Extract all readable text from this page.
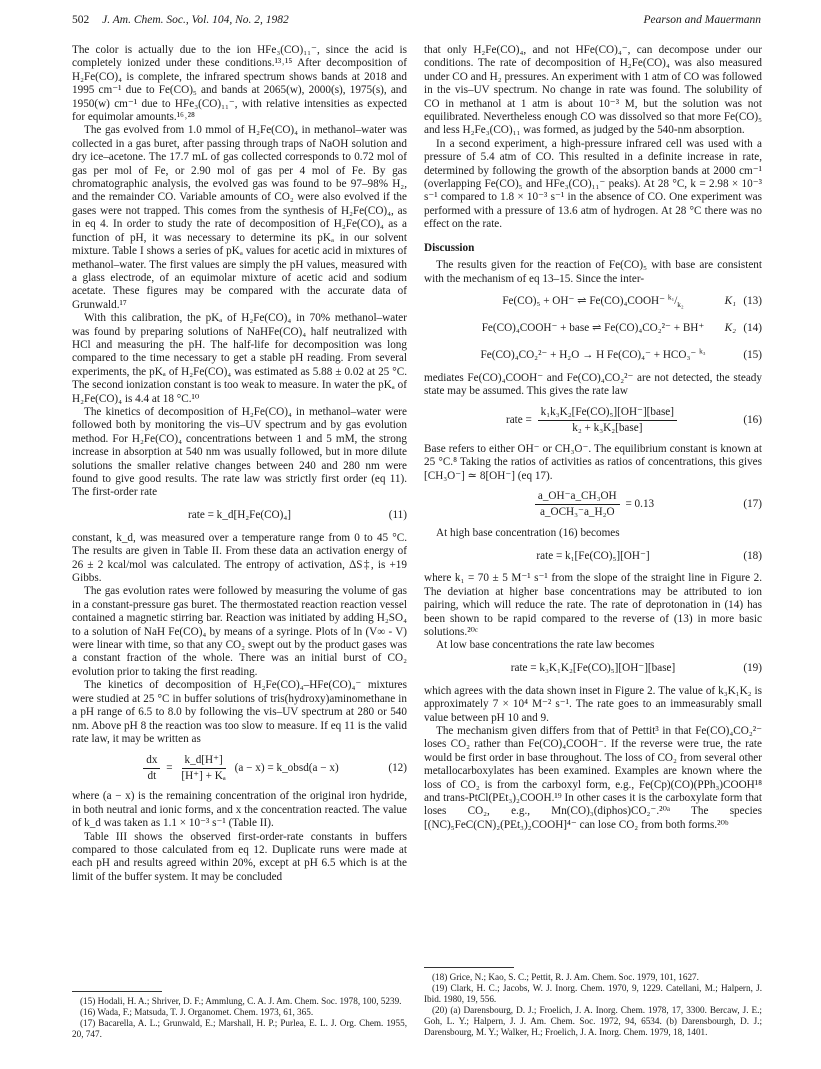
502 J. Am. Chem. Soc., Vol. 104, No. 2, 1982	Pearson and Mauermann

The color is actually due to the ion HFe₃(CO)₁₁⁻, since the acid is completely ionized under these conditions.¹³˒¹⁵ After decomposition of H₂Fe(CO)₄ is complete, the infrared spectrum shows bands at 2018 and 1995 cm⁻¹ due to Fe(CO)₅ and bands at 2065(w), 2000(s), 1975(s), and 1950(w) cm⁻¹ due to HFe₃(CO)₁₁⁻, with relative intensities as expected for equimolar amounts.¹⁶˒²⁸

The gas evolved from 1.0 mmol of H₂Fe(CO)₄ in methanol–water was collected in a gas buret, after passing through traps of NaOH solution and dry ice–acetone. The 17.7 mL of gas collected corresponds to 0.72 mol of gas per mol of Fe, or 2.90 mol of gas per 4 mol of Fe. By gas chromatographic analysis, the evolved gas was found to be 97–98% H₂, and the remainder CO. Variable amounts of CO₂ were also evolved if the gases were not trapped. This comes from the synthesis of H₂Fe(CO)₄, as in eq 4. In order to study the rate of decomposition of H₂Fe(CO)₄ as a function of pH, it was necessary to determine its pKₐ in our solvent mixture. Table I shows a series of pKₐ values for acetic acid in mixtures of methanol–water. The first values are simply the pH values, measured with a glass electrode, of an equimolar mixture of acetic acid and sodium acetate. These figures may be compared with the accurate data of Grunwald.¹⁷

With this calibration, the pKₐ of H₂Fe(CO)₄ in 70% methanol–water was found by preparing solutions of NaHFe(CO)₄ half neutralized with HCl and measuring the pH. The half-life for decomposition was long compared to the time necessary to get a stable pH reading. From several experiments, the pKₐ of H₂Fe(CO)₄ was estimated as 5.88 ± 0.02 at 25 °C. The second ionization constant is too weak to measure. In water the pKₐ of H₂Fe(CO)₄ is 4.4 at 18 °C.¹⁰

The kinetics of decomposition of H₂Fe(CO)₄ in methanol–water were followed both by monitoring the vis–UV spectrum and by gas evolution method. For H₂Fe(CO)₄ concentrations between 1 and 5 mM, the strong increase in absorption at 540 nm was usually followed, but in more dilute solutions the smaller relative changes between 240 and 280 nm were found to give good results. The rate law was strictly first order (eq 11). The first-order rate

rate = k_d[H₂Fe(CO)₄]	(11)

constant, k_d, was measured over a temperature range from 0 to 45 °C. The results are given in Table II. From these data an activation energy of 26 ± 2 kcal/mol was calculated. The entropy of activation, ΔS‡, is +19 Gibbs.

The gas evolution rates were followed by measuring the volume of gas in a constant-pressure gas buret. The thermostated reaction reaction vessel contained a magnetic stirring bar. Reaction was initiated by adding H₂SO₄ to a solution of NaH Fe(CO)₄ by means of a syringe. Plots of ln (V∞ - V) were linear with time, so that any CO₂ swept out by the product gases was a constant fraction of the whole. There was an initial burst of CO₂ evolution prior to taking the first reading.

The kinetics of decomposition of H₂Fe(CO)₄–HFe(CO)₄⁻ mixtures were studied at 25 °C in buffer solutions of tris(hydroxy)aminomethane in a pH range of 6.5 to 8.0 by following the vis–UV spectrum at 280 or 540 nm. Above pH 8 the reaction was too slow to measure. If eq 11 is the valid rate law, it may be written as

$\frac{dx}{dt} = \frac{k\_d[H^+]}{\text{[H⁺] + Kₐ}} (a - x)$ = k_obsd(a − x)	(12)

where (a − x) is the remaining concentration of the original iron hydride, in both neutral and ionic forms, and x the concentration reacted. The value of k_d was taken as 1.1 × 10⁻³ s⁻¹ (Table II).

Table III shows the observed first-order-rate constants in buffers compared to those calculated from eq 12. Duplicate runs were made at each pH and results agreed within 20%, except at pH 6.5 which is at the limit of the buffer system. It may be concluded

(15) Hodali, H. A.; Shriver, D. F.; Ammlung, C. A. J. Am. Chem. Soc. 1978, 100, 5239.

(16) Wada, F.; Matsuda, T. J. Organomet. Chem. 1973, 61, 365.

(17) Bacarella, A. L.; Grunwald, E.; Marshall, H. P.; Purlea, E. L. J. Org. Chem. 1955, 20, 747.

that only H₂Fe(CO)₄, and not HFe(CO)₄⁻, can decompose under our conditions. The rate of decomposition of H₂Fe(CO)₄ was also measured under CO and H₂ pressures. An experiment with 1 atm of CO was followed in the vis–UV spectrum. No change in rate was found. The solubility of CO in methanol at 1 atm is about 10⁻³ M, but the solution was not equilibrated. Nevertheless enough CO was dissolved so that more Fe(CO)₅ and less H₂Fe₃(CO)₁₁ was formed, as judged by the 540-nm absorption.

In a second experiment, a high-pressure infrared cell was used with a pressure of 5.4 atm of CO. This resulted in a definite increase in rate, determined by following the growth of the absorption bands at 2000 cm⁻¹ (overlapping Fe(CO)₅ and HFe₃(CO)₁₁⁻ peaks). At 28 °C, k = 2.98 × 10⁻³ s⁻¹ compared to 1.8 × 10⁻³ s⁻¹ in the absence of CO. One experiment was performed with a pressure of 13.6 atm of hydrogen. At 28 °C there was no effect on the rate.

Discussion

The results given for the reaction of Fe(CO)₅ with base are consistent with the mechanism of eq 13–15. Since the inter-

Fe(CO)₅ + OH⁻ ⇌ Fe(CO)₄COOH⁻ $^{k_1}/_{k_2}$	K₁ (13)
Fe(CO)₄COOH⁻ + base ⇌ Fe(CO)₄CO₂²⁻ + BH⁺	K₂ (14)
Fe(CO)₄CO₂²⁻ + H₂O → H Fe(CO)₄⁻ + HCO₃⁻ $^{k_3}$	(15)

mediates Fe(CO)₄COOH⁻ and Fe(CO)₄CO₂²⁻ are not detected, the steady state may be assumed. This gives the rate law

rate = $\frac{\text{k₁k₃K₂[Fe(CO)₅][OH⁻][base]}}{\text{k₂ + k₃K₂[base]}}$	(16)

Base refers to either OH⁻ or CH₃O⁻. The equilibrium constant is known at 25 °C.⁸ Taking the ratios of activities as ratios of concentrations, this gives [CH₃O⁻] ≃ 8[OH⁻] (eq 17).

$\frac{\text{a\_OH⁻a\_CH₃OH}}{\text{a\_OCH₃⁻a\_H₂O}} = 0.13$	(17)

At high base concentration (16) becomes

rate = k₁[Fe(CO)₅][OH⁻]	(18)

where k₁ = 70 ± 5 M⁻¹ s⁻¹ from the slope of the straight line in Figure 2. The deviation at higher base concentrations may be attributed to ion pairing, which will reduce the rate. The rate of deprotonation in (14) has been shown to be rapid compared to the reverse of (13) in more basic solutions.²⁰ᶜ

At low base concentrations the rate law becomes

rate = k₃K₁K₂[Fe(CO)₅][OH⁻][base]	(19)

which agrees with the data shown inset in Figure 2. The value of k₃K₁K₂ is approximately 7 × 10⁴ M⁻² s⁻¹. The rate goes to an immeasurably small value between pH 10 and 9.

The mechanism given differs from that of Pettit³ in that Fe(CO)₄CO₂²⁻ loses CO₂ rather than Fe(CO)₄COOH⁻. If the reverse were true, the rate would be first order in base throughout. The loss of CO₂ from several other metallocarboxylates has been examined. Examples are known where the loss of CO₂ is from the carboxyl form, e.g., Fe(Cp)(CO)(PPh₃)COOH¹⁸ and trans-PtCl(PEt₃)₂COOH.¹⁹ In other cases it is the carboxylate form that loses CO₂, e.g., Mn(CO)₃(diphos)CO₂⁻.²⁰ᵃ The species [(NC)₅FeC(CN)₂(PEt₃)₂COOH]⁴⁻ can lose CO₂ from both forms.²⁰ᵇ

(18) Grice, N.; Kao, S. C.; Pettit, R. J. Am. Chem. Soc. 1979, 101, 1627.

(19) Clark, H. C.; Jacobs, W. J. Inorg. Chem. 1970, 9, 1229. Catellani, M.; Halpern, J. Ibid. 1980, 19, 556.

(20) (a) Darensbourg, D. J.; Froelich, J. A. Inorg. Chem. 1978, 17, 3300. Bercaw, J. E.; Goh, L. Y.; Halpern, J. J. Am. Chem. Soc. 1972, 94, 6534. (b) Darensbourgh, D. J.; Darensbourg, M. Y.; Walker, H.; Froelich, J. A. Inorg. Chem. 1979, 18, 1401.
